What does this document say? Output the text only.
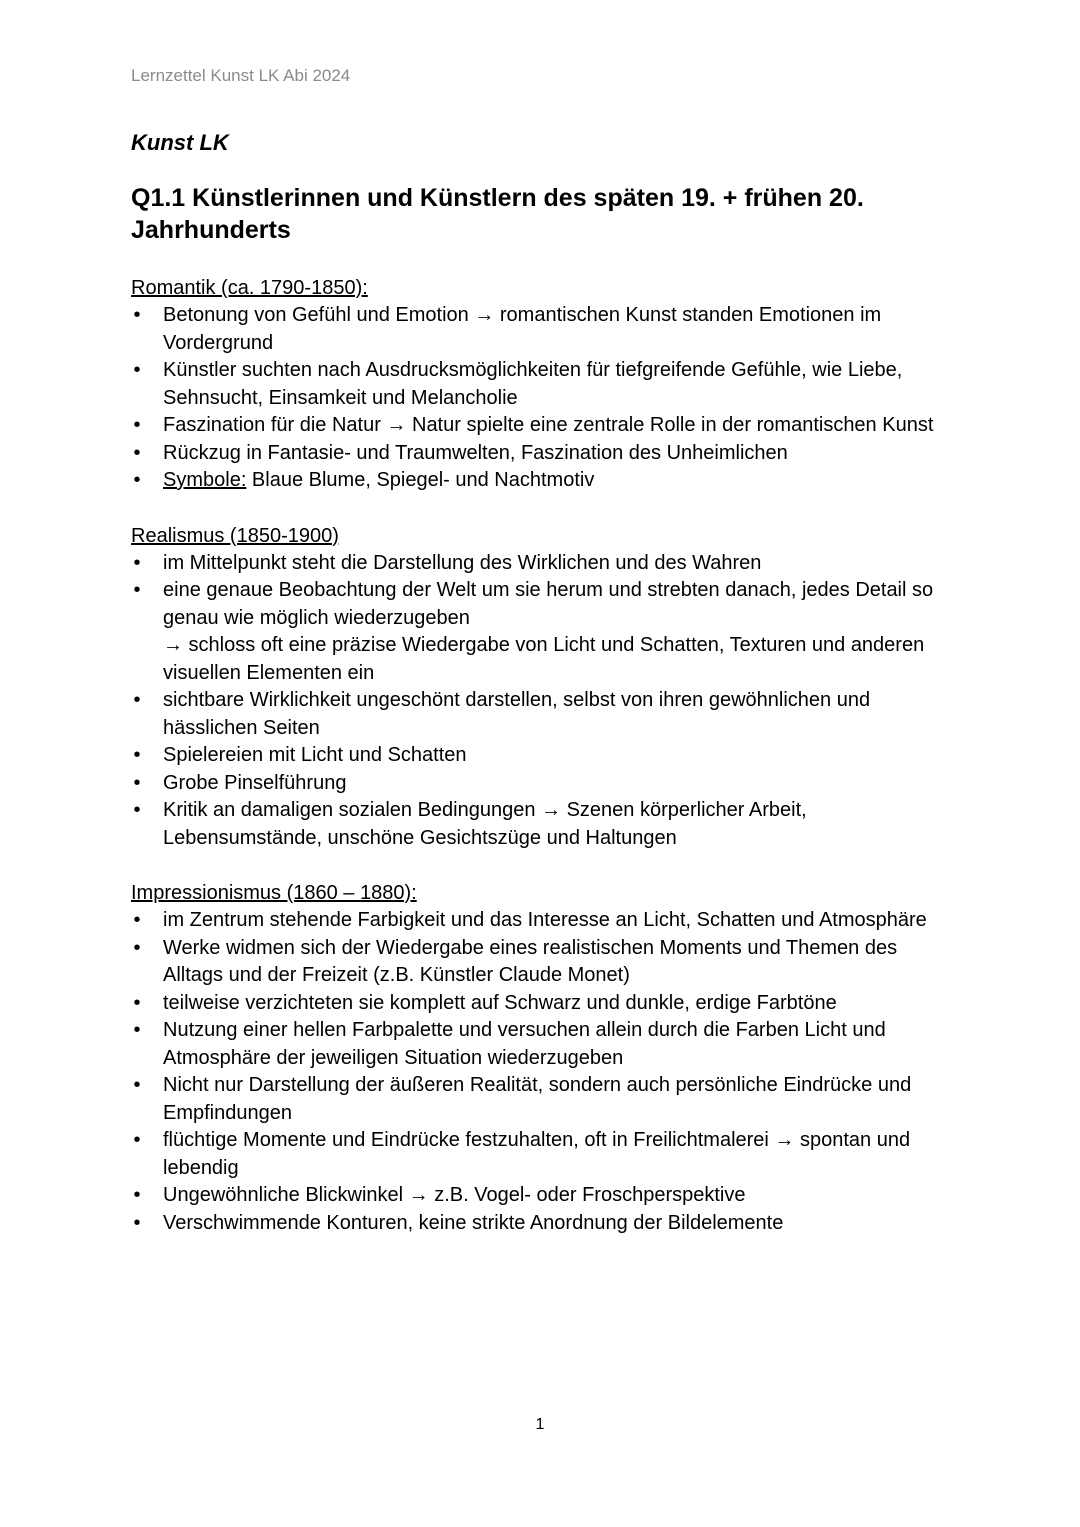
Lernzettel Kunst LK Abi 2024
Kunst LK
Q1.1 Künstlerinnen und Künstlern des späten 19. + frühen 20. Jahrhunderts
Romantik (ca. 1790-1850):
• Betonung von Gefühl und Emotion → romantischen Kunst standen Emotionen im Vordergrund
• Künstler suchten nach Ausdrucksmöglichkeiten für tiefgreifende Gefühle, wie Liebe, Sehnsucht, Einsamkeit und Melancholie
• Faszination für die Natur → Natur spielte eine zentrale Rolle in der romantischen Kunst
• Rückzug in Fantasie- und Traumwelten, Faszination des Unheimlichen
• Symbole: Blaue Blume, Spiegel- und Nachtmotiv
Realismus (1850-1900)
• im Mittelpunkt steht die Darstellung des Wirklichen und des Wahren
• eine genaue Beobachtung der Welt um sie herum und strebten danach, jedes Detail so genau wie möglich wiederzugeben
→ schloss oft eine präzise Wiedergabe von Licht und Schatten, Texturen und anderen visuellen Elementen ein
• sichtbare Wirklichkeit ungeschönt darstellen, selbst von ihren gewöhnlichen und hässlichen Seiten
• Spielereien mit Licht und Schatten
• Grobe Pinselführung
• Kritik an damaligen sozialen Bedingungen → Szenen körperlicher Arbeit, Lebensumstände, unschöne Gesichtszüge und Haltungen
Impressionismus (1860 – 1880):
• im Zentrum stehende Farbigkeit und das Interesse an Licht, Schatten und Atmosphäre
• Werke widmen sich der Wiedergabe eines realistischen Moments und Themen des Alltags und der Freizeit (z.B. Künstler Claude Monet)
• teilweise verzichteten sie komplett auf Schwarz und dunkle, erdige Farbtöne
• Nutzung einer hellen Farbpalette und versuchen allein durch die Farben Licht und Atmosphäre der jeweiligen Situation wiederzugeben
• Nicht nur Darstellung der äußeren Realität, sondern auch persönliche Eindrücke und Empfindungen
• flüchtige Momente und Eindrücke festzuhalten, oft in Freilichtmalerei → spontan und lebendig
• Ungewöhnliche Blickwinkel → z.B. Vogel- oder Froschperspektive
• Verschwimmende Konturen, keine strikte Anordnung der Bildelemente
1
